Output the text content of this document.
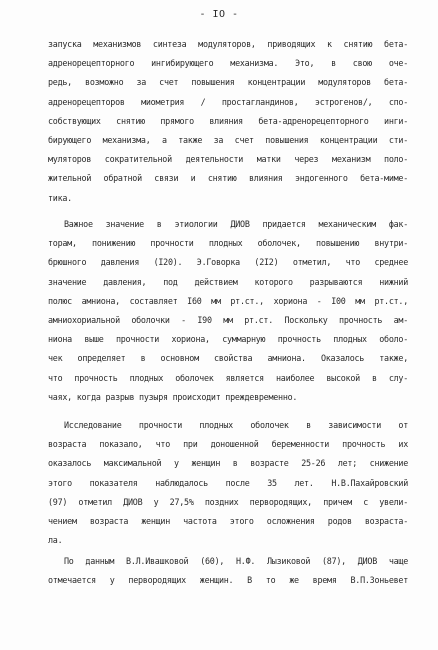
- IO -
запуска механизмов синтеза модуляторов, приводящих к снятию бета-
адренорецепторного ингибирующего механизма. Это, в свою оче-
редь, возможно за счет повышения концентрации модуляторов бета-
адренорецепторов миометрия / простагландинов, эстрогенов/, спо-
собствующих снятию прямого влияния бета-адренорецепторного инги-
бирующего механизма, а также за счет повышения концентрации сти-
муляторов сократительной деятельности матки через механизм поло-
жительной обратной связи и снятию влияния эндогенного бета-миме-
тика.
Важное значение в этиологии ДИОВ придается механическим фак-
торам, понижению прочности плодных оболочек, повышению внутри-
брюшного давления (I20). Э.Говорка (2I2) отметил, что среднее
значение давления, под действием которого разрываются нижний
полюс амниона, составляет I60 мм рт.ст., хориона - I00 мм рт.ст.,
амниохориальной оболочки - I90 мм рт.ст. Поскольку прочность ам-
ниона выше прочности хориона, суммарную прочность плодных оболо-
чек определяет в основном свойства амниона. Оказалось также,
что прочность плодных оболочек является наиболее высокой в слу-
чаях, когда разрыв пузыря происходит преждевременно.
Исследование прочности плодных оболочек в зависимости от
возраста показало, что при доношенной беременности прочность их
оказалось максимальной у женщин в возрасте 25-26 лет; снижение
этого показателя наблюдалось после 35 лет. Н.В.Пахайровский
(97) отметил ДИОВ у 27,5% поздних первородящих, причем с увели-
чением возраста женщин частота этого осложнения родов возраста-
ла.
По данным В.Л.Ивашковой (60), Н.Ф. Лызиковой (87), ДИОВ чаще
отмечается у первородящих женщин. В то же время В.П.Зоньевет
